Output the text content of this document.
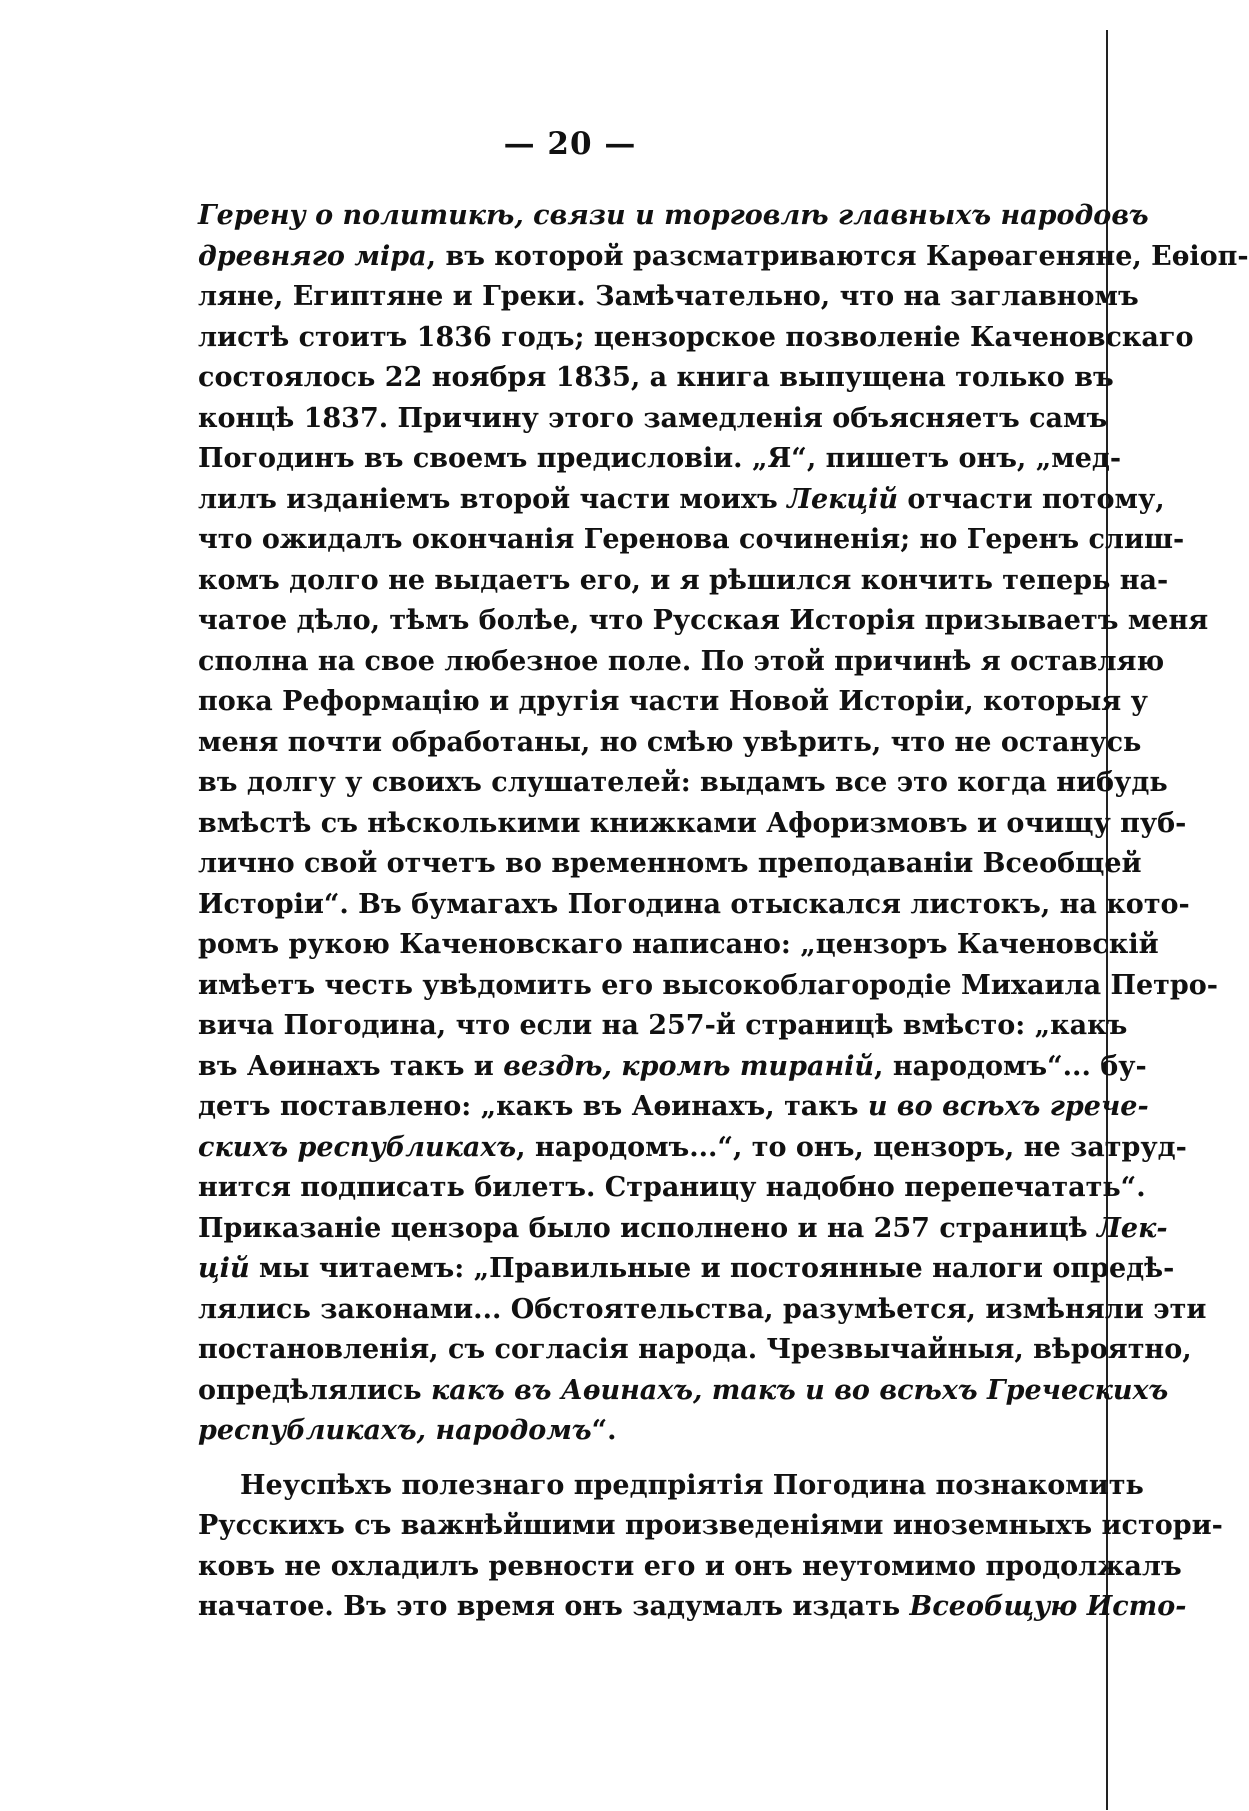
— 20 —
Герену о политикѣ, связи и торговлѣ главныхъ народовъ
древняго міра, въ которой разсматриваются Карѳагеняне, Еѳіоп-
ляне, Египтяне и Греки. Замѣчательно, что на заглавномъ
листѣ стоитъ 1836 годъ; цензорское позволеніе Каченовскаго
состоялось 22 ноября 1835, а книга выпущена только въ
концѣ 1837. Причину этого замедленія объясняетъ самъ
Погодинъ въ своемъ предисловіи. „Я“, пишетъ онъ, „мед-
лилъ изданіемъ второй части моихъ Лекцій отчасти потому,
что ожидалъ окончанія Геренова сочиненія; но Геренъ слиш-
комъ долго не выдаетъ его, и я рѣшился кончить теперь на-
чатое дѣло, тѣмъ болѣе, что Русская Исторія призываетъ меня
сполна на свое любезное поле. По этой причинѣ я оставляю
пока Реформацію и другія части Новой Исторіи, которыя у
меня почти обработаны, но смѣю увѣрить, что не останусь
въ долгу у своихъ слушателей: выдамъ все это когда нибудь
вмѣстѣ съ нѣсколькими книжками Афоризмовъ и очищу пуб-
лично свой отчетъ во временномъ преподаваніи Всеобщей
Исторіи“. Въ бумагахъ Погодина отыскался листокъ, на кото-
ромъ рукою Каченовскаго написано: „цензоръ Каченовскій
имѣетъ честь увѣдомить его высокоблагородіе Михаила Петро-
вича Погодина, что если на 257-й страницѣ вмѣсто: „какъ
въ Аѳинахъ такъ и вездѣ, кромѣ тираній, народомъ“... бу-
детъ поставлено: „какъ въ Аѳинахъ, такъ и во всѣхъ грече-
скихъ республикахъ, народомъ...“, то онъ, цензоръ, не затруд-
нится подписать билетъ. Страницу надобно перепечатать“.
Приказаніе цензора было исполнено и на 257 страницѣ Лек-
цій мы читаемъ: „Правильные и постоянные налоги опредѣ-
лялись законами... Обстоятельства, разумѣется, измѣняли эти
постановленія, съ согласія народа. Чрезвычайныя, вѣроятно,
опредѣлялись какъ въ Аѳинахъ, такъ и во всѣхъ Греческихъ
республикахъ, народомъ“.
Неуспѣхъ полезнаго предпріятія Погодина познакомить
Русскихъ съ важнѣйшими произведеніями иноземныхъ истори-
ковъ не охладилъ ревности его и онъ неутомимо продолжалъ
начатое. Въ это время онъ задумалъ издать Всеобщую Исто-
